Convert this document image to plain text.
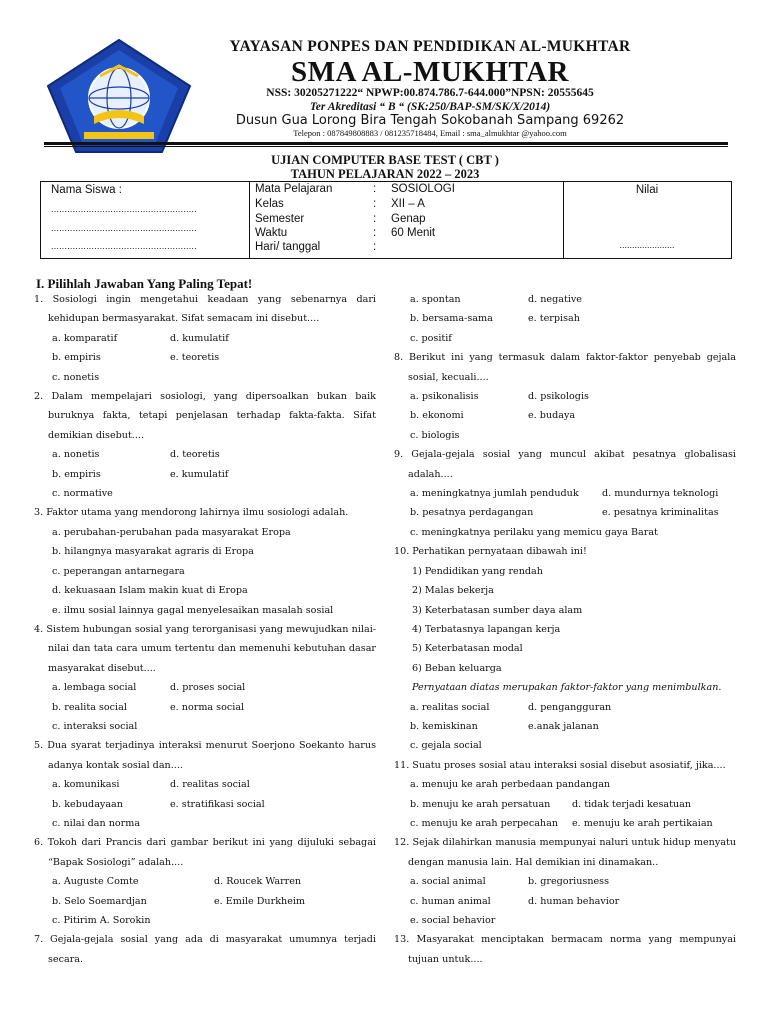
YAYASAN PONPES DAN PENDIDIKAN AL-MUKHTAR
SMA AL-MUKHTAR
NSS: 30205271222“ NPWP:00.874.786.7-644.000”NPSN: 20555645
Ter Akreditasi “ B “ (SK:250/BAP-SM/SK/X/2014)
Dusun Gua Lorong Bira Tengah Sokobanah Sampang 69262
Telepon : 087849808883 / 081235718484, Email : sma_almukhtar @yahoo.com
UJIAN COMPUTER BASE TEST ( CBT )
TAHUN PELAJARAN 2022 – 2023
Nama Siswa :
......................................................
......................................................
......................................................
Mata Pelajaran	: SOSIOLOGI
Kelas	: XII – A
Semester	: Genap
Waktu	: 60 Menit
Hari/ tanggal	:
Nilai
......................
I. Pilihlah Jawaban Yang Paling Tepat!
1. Sosiologi ingin mengetahui keadaan yang sebenarnya dari kehidupan bermasyarakat. Sifat semacam ini disebut....
a. komparatif	d. kumulatif
b. empiris	e. teoretis
c. nonetis
2. Dalam mempelajari sosiologi, yang dipersoalkan bukan baik buruknya fakta, tetapi penjelasan terhadap fakta-fakta. Sifat demikian disebut....
a. nonetis	d. teoretis
b. empiris	e. kumulatif
c. normative
3. Faktor utama yang mendorong lahirnya ilmu sosiologi adalah.
a. perubahan-perubahan pada masyarakat Eropa
b. hilangnya masyarakat agraris di Eropa
c. peperangan antarnegara
d. kekuasaan Islam makin kuat di Eropa
e. ilmu sosial lainnya gagal menyelesaikan masalah sosial
4. Sistem hubungan sosial yang terorganisasi yang mewujudkan nilai-nilai dan tata cara umum tertentu dan memenuhi kebutuhan dasar masyarakat disebut....
a. lembaga social	d. proses social
b. realita social	e. norma social
c. interaksi social
5. Dua syarat terjadinya interaksi menurut Soerjono Soekanto harus adanya kontak sosial dan....
a. komunikasi	d. realitas social
b. kebudayaan	e. stratifikasi social
c. nilai dan norma
6. Tokoh dari Prancis dari gambar berikut ini yang dijuluki sebagai “Bapak Sosiologi” adalah....
a. Auguste Comte	d. Roucek Warren
b. Selo Soemardjan	e. Emile Durkheim
c. Pitirim A. Sorokin
7. Gejala-gejala sosial yang ada di masyarakat umumnya terjadi secara.
a. spontan	d. negative
b. bersama-sama	e. terpisah
c. positif
8. Berikut ini yang termasuk dalam faktor-faktor penyebab gejala sosial, kecuali....
a. psikonalisis	d. psikologis
b. ekonomi	e. budaya
c. biologis
9. Gejala-gejala sosial yang muncul akibat pesatnya globalisasi adalah....
a. meningkatnya jumlah penduduk	d. mundurnya teknologi
b. pesatnya perdagangan	e. pesatnya kriminalitas
c. meningkatnya perilaku yang memicu gaya Barat
10. Perhatikan pernyataan dibawah ini!
1) Pendidikan yang rendah
2) Malas bekerja
3) Keterbatasan sumber daya alam
4) Terbatasnya lapangan kerja
5) Keterbatasan modal
6) Beban keluarga
Pernyataan diatas merupakan faktor-faktor yang menimbulkan.
a. realitas social	d. pengangguran
b. kemiskinan	e.anak jalanan
c. gejala social
11. Suatu proses sosial atau interaksi sosial disebut asosiatif, jika....
a. menuju ke arah perbedaan pandangan
b. menuju ke arah persatuan	d. tidak terjadi kesatuan
c. menuju ke arah perpecahan	e. menuju ke arah pertikaian
12. Sejak dilahirkan manusia mempunyai naluri untuk hidup menyatu dengan manusia lain. Hal demikian ini dinamakan..
a. social animal	b. gregoriusness
c. human animal	d. human behavior
e. social behavior
13. Masyarakat menciptakan bermacam norma yang mempunyai tujuan untuk....
